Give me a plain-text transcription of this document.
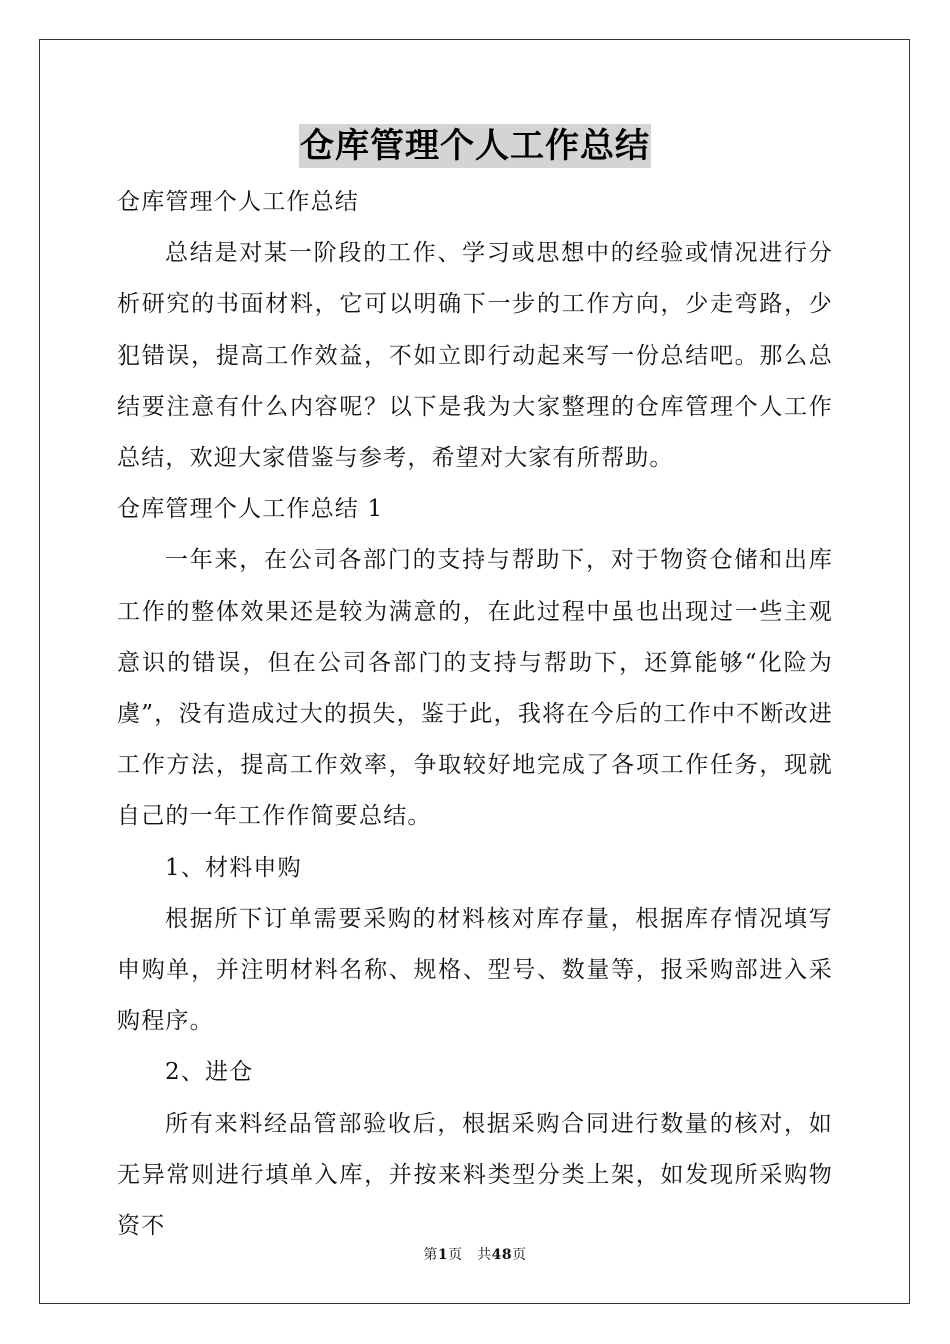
仓库管理个人工作总结

仓库管理个人工作总结

总结是对某一阶段的工作、学习或思想中的经验或情况进行分析研究的书面材料，它可以明确下一步的工作方向，少走弯路，少犯错误，提高工作效益，不如立即行动起来写一份总结吧。那么总结要注意有什么内容呢？以下是我为大家整理的仓库管理个人工作总结，欢迎大家借鉴与参考，希望对大家有所帮助。

仓库管理个人工作总结 1

一年来，在公司各部门的支持与帮助下，对于物资仓储和出库工作的整体效果还是较为满意的，在此过程中虽也出现过一些主观意识的错误，但在公司各部门的支持与帮助下，还算能够“化险为虞”，没有造成过大的损失，鉴于此，我将在今后的工作中不断改进工作方法，提高工作效率，争取较好地完成了各项工作任务，现就自己的一年工作作简要总结。

1、材料申购

根据所下订单需要采购的材料核对库存量，根据库存情况填写申购单，并注明材料名称、规格、型号、数量等，报采购部进入采购程序。

2、进仓

所有来料经品管部验收后，根据采购合同进行数量的核对，如无异常则进行填单入库，并按来料类型分类上架，如发现所采购物资不

第1页　共48页
